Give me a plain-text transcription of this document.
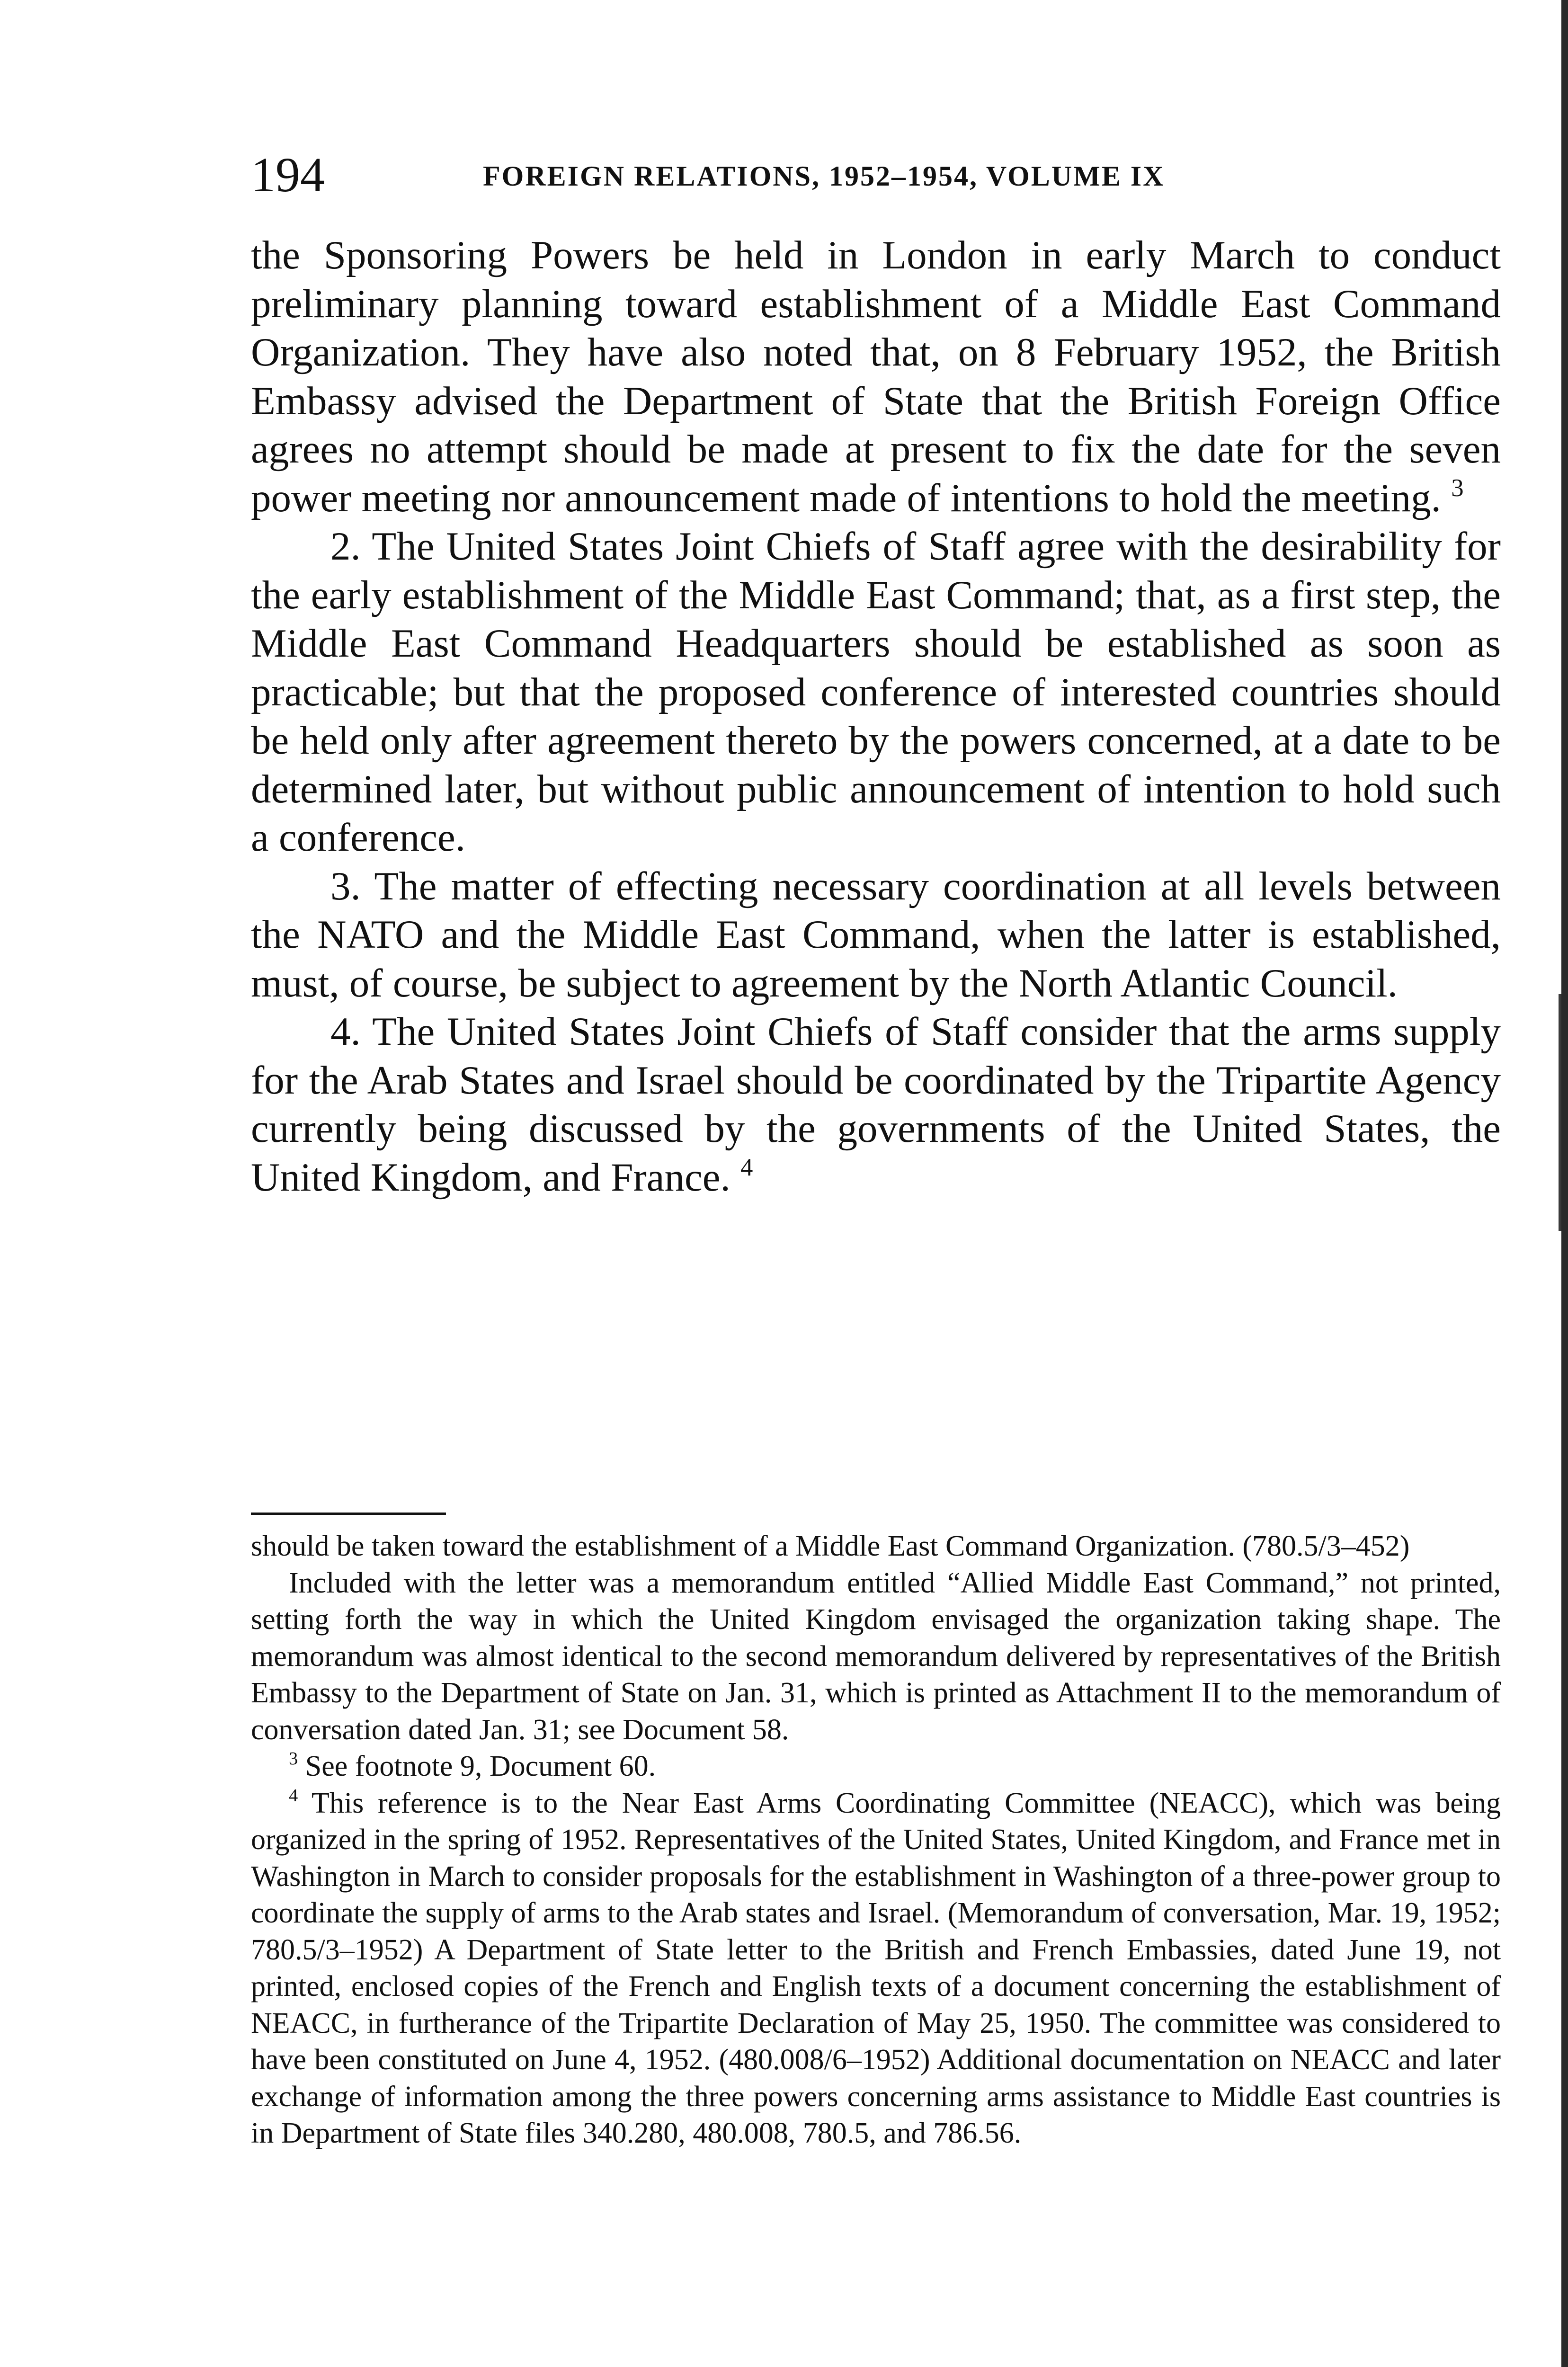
194	FOREIGN RELATIONS, 1952–1954, VOLUME IX

the Sponsoring Powers be held in London in early March to conduct preliminary planning toward establishment of a Middle East Command Organization. They have also noted that, on 8 February 1952, the British Embassy advised the Department of State that the British Foreign Office agrees no attempt should be made at present to fix the date for the seven power meeting nor announcement made of intentions to hold the meeting. $^3$

2. The United States Joint Chiefs of Staff agree with the desirability for the early establishment of the Middle East Command; that, as a first step, the Middle East Command Headquarters should be established as soon as practicable; but that the proposed conference of interested countries should be held only after agreement thereto by the powers concerned, at a date to be determined later, but without public announcement of intention to hold such a conference.

3. The matter of effecting necessary coordination at all levels between the NATO and the Middle East Command, when the latter is established, must, of course, be subject to agreement by the North Atlantic Council.

4. The United States Joint Chiefs of Staff consider that the arms supply for the Arab States and Israel should be coordinated by the Tripartite Agency currently being discussed by the governments of the United States, the United Kingdom, and France. $^4$

should be taken toward the establishment of a Middle East Command Organization. (780.5/3–452)

Included with the letter was a memorandum entitled “Allied Middle East Command,” not printed, setting forth the way in which the United Kingdom envisaged the organization taking shape. The memorandum was almost identical to the second memorandum delivered by representatives of the British Embassy to the Department of State on Jan. 31, which is printed as Attachment II to the memorandum of conversation dated Jan. 31; see Document 58.

$^3$ See footnote 9, Document 60.

$^4$ This reference is to the Near East Arms Coordinating Committee (NEACC), which was being organized in the spring of 1952. Representatives of the United States, United Kingdom, and France met in Washington in March to consider proposals for the establishment in Washington of a three-power group to coordinate the supply of arms to the Arab states and Israel. (Memorandum of conversation, Mar. 19, 1952; 780.5/3–1952) A Department of State letter to the British and French Embassies, dated June 19, not printed, enclosed copies of the French and English texts of a document concerning the establishment of NEACC, in furtherance of the Tripartite Declaration of May 25, 1950. The committee was considered to have been constituted on June 4, 1952. (480.008/6–1952) Additional documentation on NEACC and later exchange of information among the three powers concerning arms assistance to Middle East countries is in Department of State files 340.280, 480.008, 780.5, and 786.56.
